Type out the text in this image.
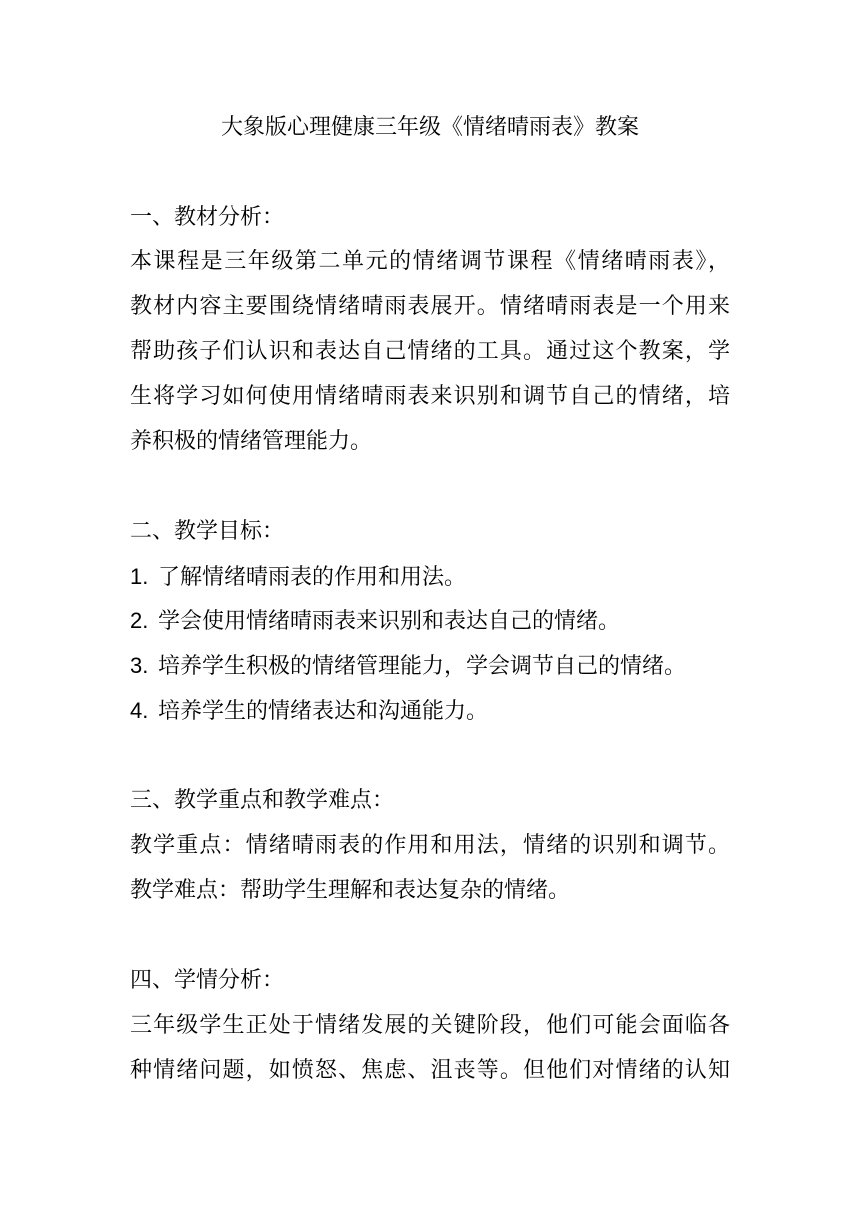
大象版心理健康三年级《情绪晴雨表》教案
一、教材分析：
本课程是三年级第二单元的情绪调节课程《情绪晴雨表》，
教材内容主要围绕情绪晴雨表展开。情绪晴雨表是一个用来
帮助孩子们认识和表达自己情绪的工具。通过这个教案，学
生将学习如何使用情绪晴雨表来识别和调节自己的情绪，培
养积极的情绪管理能力。
二、教学目标：
1. 了解情绪晴雨表的作用和用法。
2. 学会使用情绪晴雨表来识别和表达自己的情绪。
3. 培养学生积极的情绪管理能力，学会调节自己的情绪。
4. 培养学生的情绪表达和沟通能力。
三、教学重点和教学难点：
教学重点：情绪晴雨表的作用和用法，情绪的识别和调节。
教学难点：帮助学生理解和表达复杂的情绪。
四、学情分析：
三年级学生正处于情绪发展的关键阶段，他们可能会面临各
种情绪问题，如愤怒、焦虑、沮丧等。但他们对情绪的认知
